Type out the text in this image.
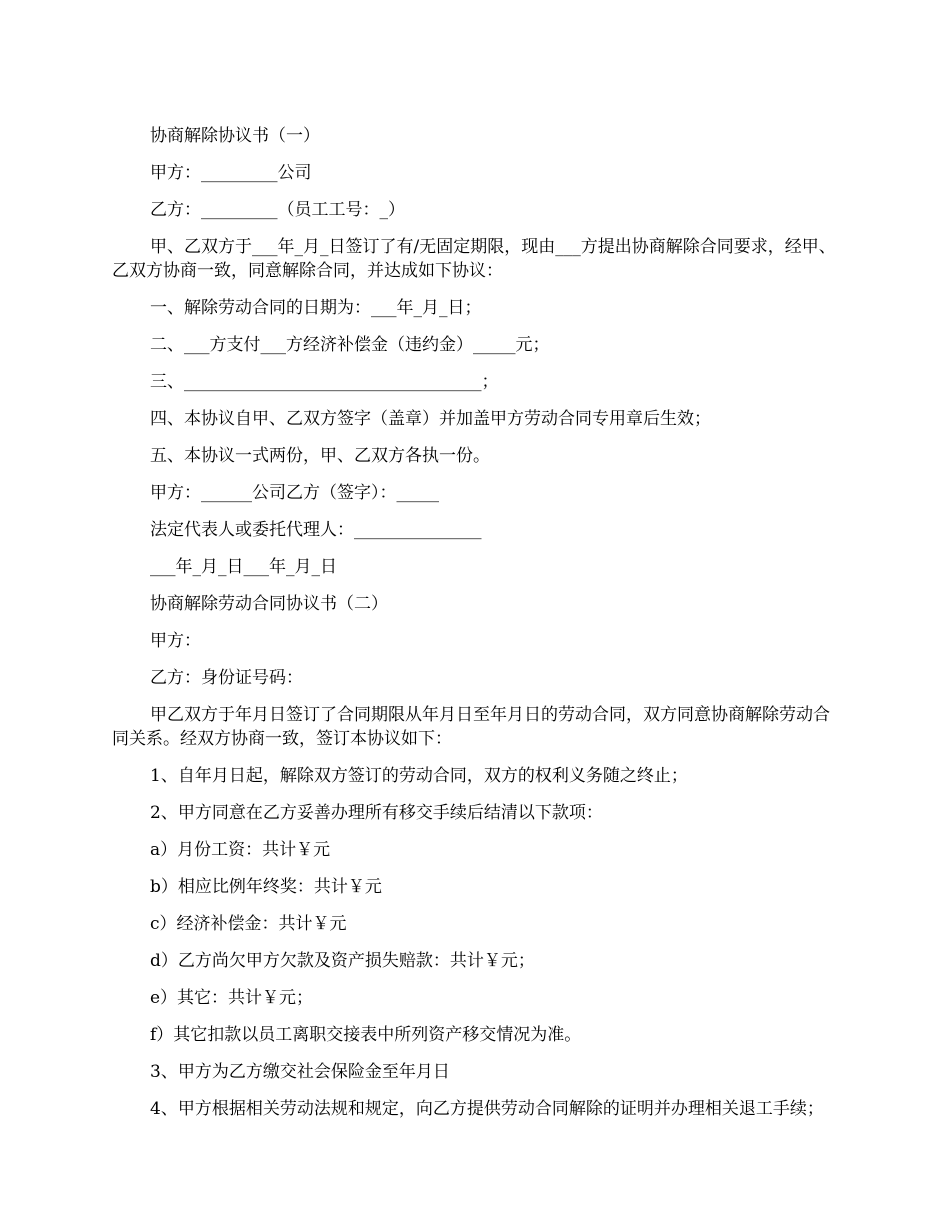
协商解除协议书（一）

甲方：_________公司

乙方：_________（员工工号：_）

甲、乙双方于___年_月_日签订了有/无固定期限，现由___方提出协商解除合同要求，经甲、乙双方协商一致，同意解除合同，并达成如下协议：

一、解除劳动合同的日期为：___年_月_日；

二、___方支付___方经济补偿金（违约金）_____元；

三、___________________________________；

四、本协议自甲、乙双方签字（盖章）并加盖甲方劳动合同专用章后生效；

五、本协议一式两份，甲、乙双方各执一份。

甲方：______公司乙方（签字）：_____

法定代表人或委托代理人：_______________

___年_月_日___年_月_日

协商解除劳动合同协议书（二）

甲方：

乙方：身份证号码：

甲乙双方于年月日签订了合同期限从年月日至年月日的劳动合同，双方同意协商解除劳动合同关系。经双方协商一致，签订本协议如下：

1、自年月日起，解除双方签订的劳动合同，双方的权利义务随之终止；

2、甲方同意在乙方妥善办理所有移交手续后结清以下款项：

a）月份工资：共计￥元

b）相应比例年终奖：共计￥元

c）经济补偿金：共计￥元

d）乙方尚欠甲方欠款及资产损失赔款：共计￥元；

e）其它：共计￥元；

f）其它扣款以员工离职交接表中所列资产移交情况为准。

3、甲方为乙方缴交社会保险金至年月日

4、甲方根据相关劳动法规和规定，向乙方提供劳动合同解除的证明并办理相关退工手续；
